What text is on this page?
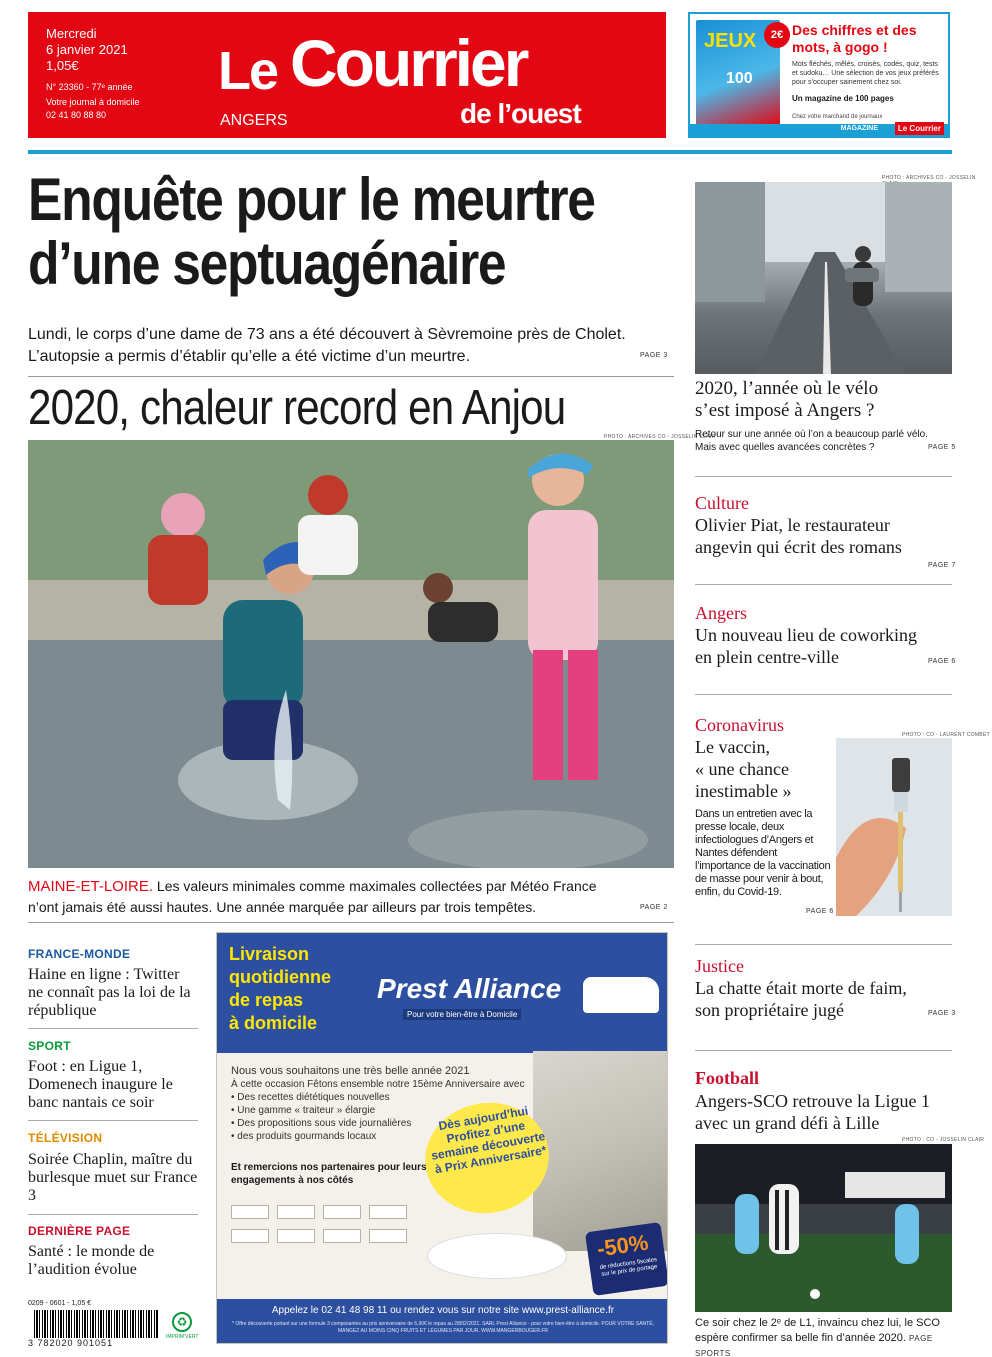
Mercredi
6 janvier 2021
1,05€
N° 23360 - 77ᵉ année
Votre journal à domicile
02 41 80 88 80
Le Courrier
de l’ouest
ANGERS
JEUX
100
2€ Des chiffres et des mots, à gogo !
Mots fléchés, mêlés, croisés, codés, quiz, tests et sudoku… Une sélection de vos jeux préférés pour s’occuper sainement chez soi.
Un magazine de 100 pages
Chez votre marchand de journaux
MAGAZINE	Le Courrier
Enquête pour le meurtre
d’une septuagénaire
Lundi, le corps d’une dame de 73 ans a été découvert à Sèvremoine près de Cholet.
L’autopsie a permis d’établir qu’elle a été victime d’un meurtre.	PAGE 3
2020, chaleur record en Anjou
PHOTO : ARCHIVES CO - JOSSELIN CLAIR
MAINE-ET-LOIRE. Les valeurs minimales comme maximales collectées par Météo France
n’ont jamais été aussi hautes. Une année marquée par ailleurs par trois tempêtes.	PAGE 2
PHOTO : ARCHIVES CO - JOSSELIN
2020, l’année où le vélo
s’est imposé à Angers ?
Retour sur une année où l’on a beaucoup parlé vélo.
Mais avec quelles avancées concrètes ?	PAGE 5
Culture
Olivier Piat, le restaurateur
angevin qui écrit des romans
PAGE 7
Angers
Un nouveau lieu de coworking
en plein centre-ville	PAGE 6
Coronavirus
Le vaccin,
« une chance
inestimable »
Dans un entretien avec la presse locale, deux infectiologues d’Angers et Nantes défendent l’importance de la vaccination de masse pour venir à bout, enfin, du Covid-19.
PAGE 6
PHOTO : CO - LAURENT COMBET
Justice
La chatte était morte de faim,
son propriétaire jugé	PAGE 3
Football
Angers-SCO retrouve la Ligue 1
avec un grand défi à Lille
PHOTO : CO - JOSSELIN CLAIR
Ce soir chez le 2ᵉ de L1, invaincu chez lui, le SCO
espère confirmer sa belle fin d’année 2020. PAGE SPORTS
FRANCE-MONDE
Haine en ligne : Twitter ne connaît pas la loi de la république
SPORT
Foot : en Ligue 1, Domenech inaugure le banc nantais ce soir
TÉLÉVISION
Soirée Chaplin, maître du burlesque muet sur France 3
DERNIÈRE PAGE
Santé : le monde de l’audition évolue
Livraison
quotidienne
de repas
à domicile
Prest Alliance
Pour votre bien-être à Domicile
un service pour tous
Nous vous souhaitons une très belle année 2021
À cette occasion Fêtons ensemble notre 15ème Anniversaire avec
• Des recettes diététiques nouvelles
• Une gamme « traiteur » élargie
• Des propositions sous vide journalières
• des produits gourmands locaux
Dès aujourd’hui Profitez d’une semaine découverte à Prix Anniversaire*
Et remercions nos partenaires pour leurs engagements à nos côtés
-50%
de réductions fiscales sur le prix de portage
Appelez le 02 41 48 98 11 ou rendez vous sur notre site www.prest-alliance.fr
* Offre découverte portant sur une formule 3 composantes au prix anniversaire de 6,90€ le repas au 28/02/2021. SARL Prest Alliance - pour votre bien-être à domicile. POUR VOTRE SANTÉ, MANGEZ AU MOINS CINQ FRUITS ET LÉGUMES PAR JOUR. WWW.MANGERBOUGER.FR
0209 - 0601 - 1,05 €
3 782020 901051
♻
IMPRIM’VERT
